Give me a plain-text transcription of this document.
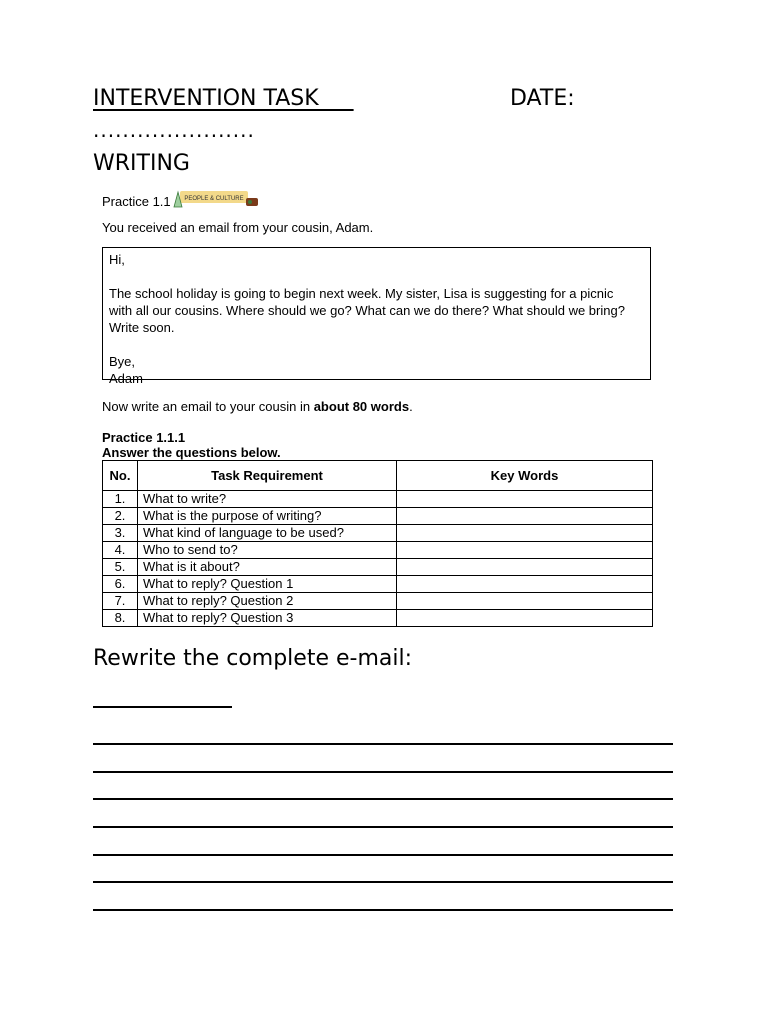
INTERVENTION TASK	DATE:
......................
WRITING
Practice 1.1 PEOPLE & CULTURE
You received an email from your cousin, Adam.

Hi,

The school holiday is going to begin next week. My sister, Lisa is suggesting for a picnic

with all our cousins. Where should we go? What can we do there? What should we bring?

Write soon.

Bye,

Adam

Now write an email to your cousin in about 80 words.
Practice 1.1.1
Answer the questions below.
No.	Task Requirement	Key Words
1.	What to write?	
2.	What is the purpose of writing?	
3.	What kind of language to be used?	
4.	Who to send to?	
5.	What is it about?	
6.	What to reply? Question 1	
7.	What to reply? Question 2	
8.	What to reply? Question 3	
Rewrite the complete e-mail:
